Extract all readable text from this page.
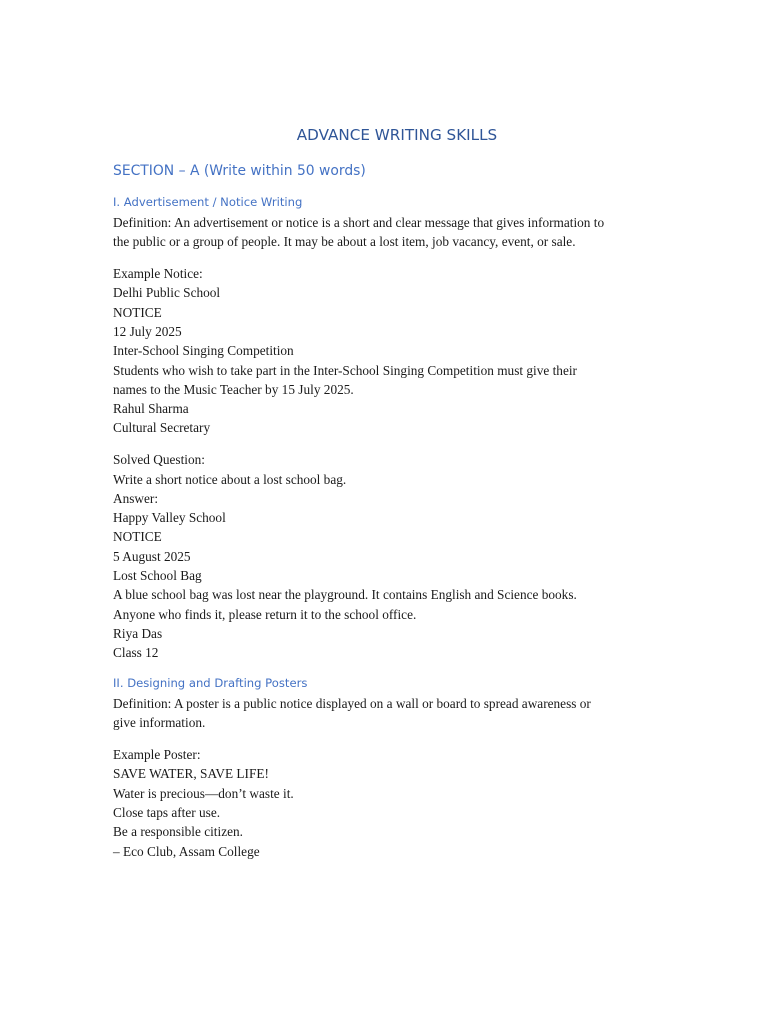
ADVANCE WRITING SKILLS
SECTION – A (Write within 50 words)
I. Advertisement / Notice Writing
Definition: An advertisement or notice is a short and clear message that gives information to
the public or a group of people. It may be about a lost item, job vacancy, event, or sale.
Example Notice:
Delhi Public School
NOTICE
12 July 2025
Inter-School Singing Competition
Students who wish to take part in the Inter-School Singing Competition must give their
names to the Music Teacher by 15 July 2025.
Rahul Sharma
Cultural Secretary
Solved Question:
Write a short notice about a lost school bag.
Answer:
Happy Valley School
NOTICE
5 August 2025
Lost School Bag
A blue school bag was lost near the playground. It contains English and Science books.
Anyone who finds it, please return it to the school office.
Riya Das
Class 12
II. Designing and Drafting Posters
Definition: A poster is a public notice displayed on a wall or board to spread awareness or
give information.
Example Poster:
SAVE WATER, SAVE LIFE!
Water is precious—don’t waste it.
Close taps after use.
Be a responsible citizen.
– Eco Club, Assam College
